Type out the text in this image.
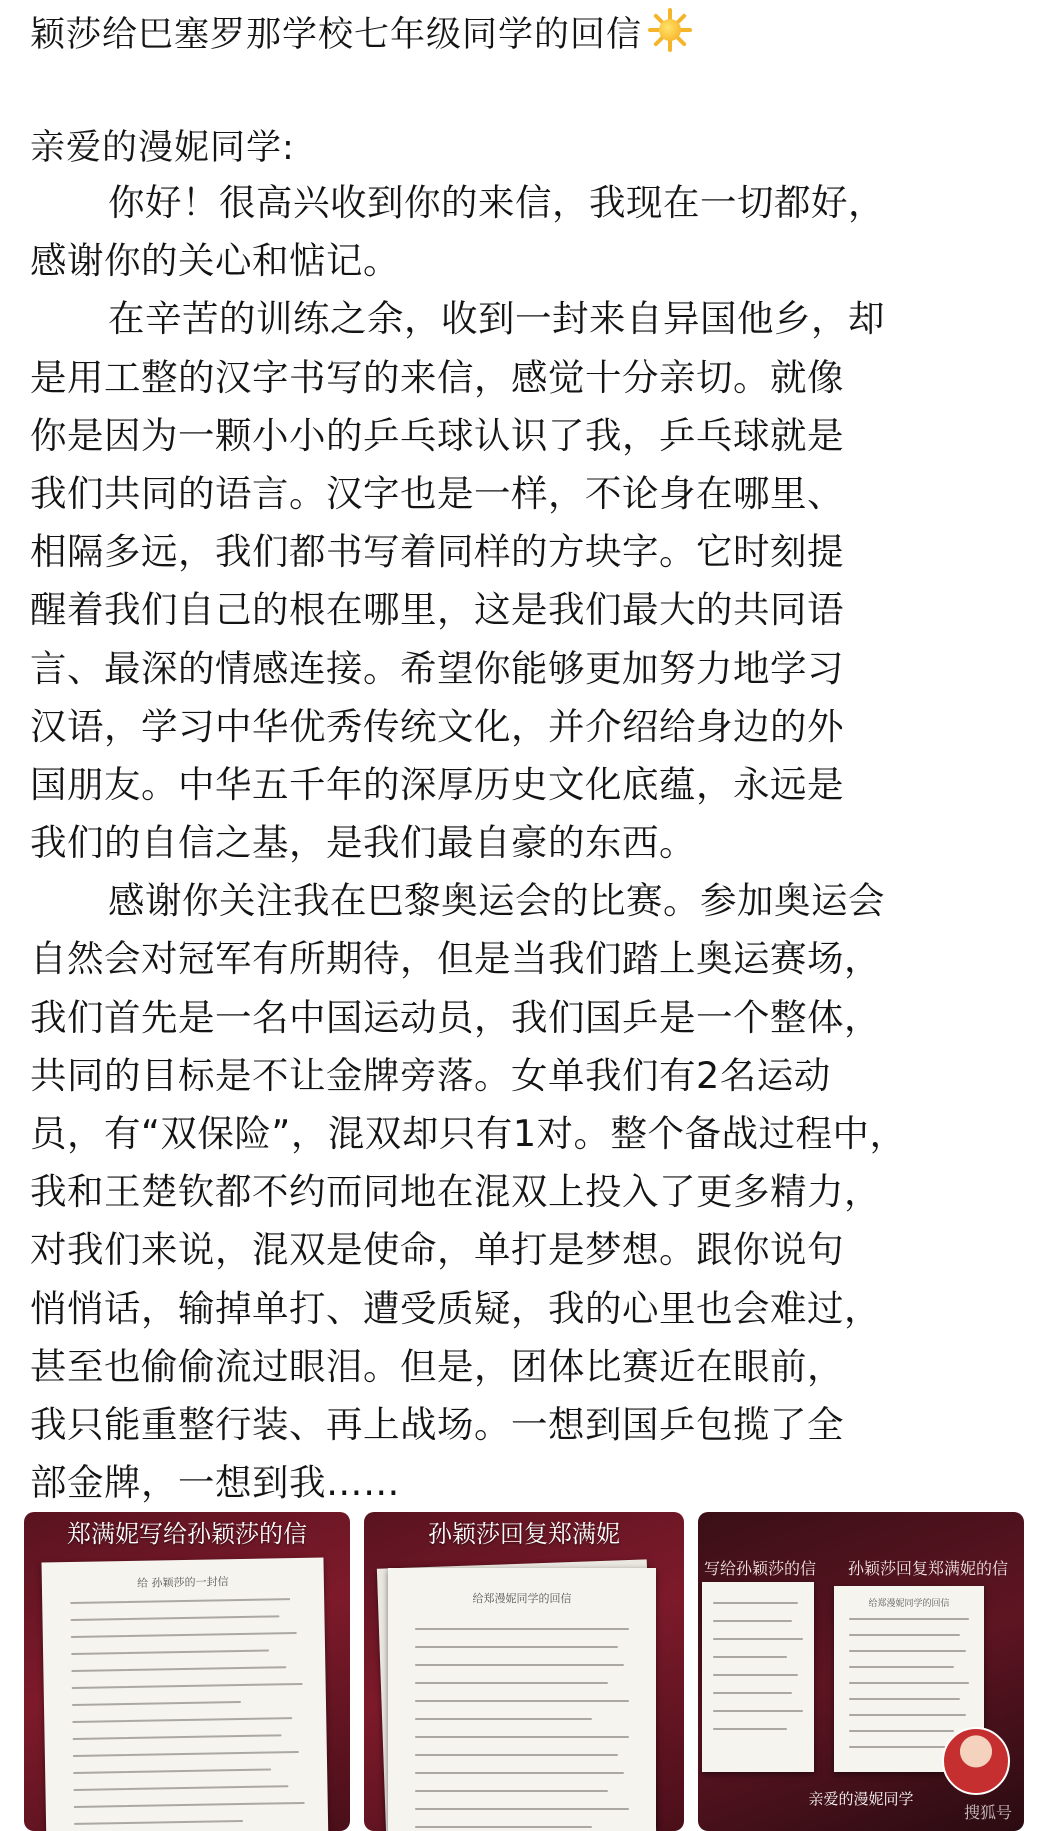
颖莎给巴塞罗那学校七年级同学的回信
亲爱的漫妮同学:
你好！很高兴收到你的来信，我现在一切都好，
感谢你的关心和惦记。
在辛苦的训练之余，收到一封来自异国他乡，却
是用工整的汉字书写的来信，感觉十分亲切。就像
你是因为一颗小小的乒乓球认识了我，乒乓球就是
我们共同的语言。汉字也是一样，不论身在哪里、
相隔多远，我们都书写着同样的方块字。它时刻提
醒着我们自己的根在哪里，这是我们最大的共同语
言、最深的情感连接。希望你能够更加努力地学习
汉语，学习中华优秀传统文化，并介绍给身边的外
国朋友。中华五千年的深厚历史文化底蕴，永远是
我们的自信之基，是我们最自豪的东西。
感谢你关注我在巴黎奥运会的比赛。参加奥运会
自然会对冠军有所期待，但是当我们踏上奥运赛场，
我们首先是一名中国运动员，我们国乒是一个整体，
共同的目标是不让金牌旁落。女单我们有2名运动
员，有“双保险”，混双却只有1对。整个备战过程中，
我和王楚钦都不约而同地在混双上投入了更多精力，
对我们来说，混双是使命，单打是梦想。跟你说句
悄悄话，输掉单打、遭受质疑，我的心里也会难过，
甚至也偷偷流过眼泪。但是，团体比赛近在眼前，
我只能重整行装、再上战场。一想到国乒包揽了全
部金牌，一想到我……
郑满妮写给孙颖莎的信
给 孙颖莎的一封信
孙颖莎回复郑满妮
给郑漫妮同学的回信
写给孙颖莎的信 孙颖莎回复郑满妮的信
给郑漫妮同学的回信
亲爱的漫妮同学
搜狐号
